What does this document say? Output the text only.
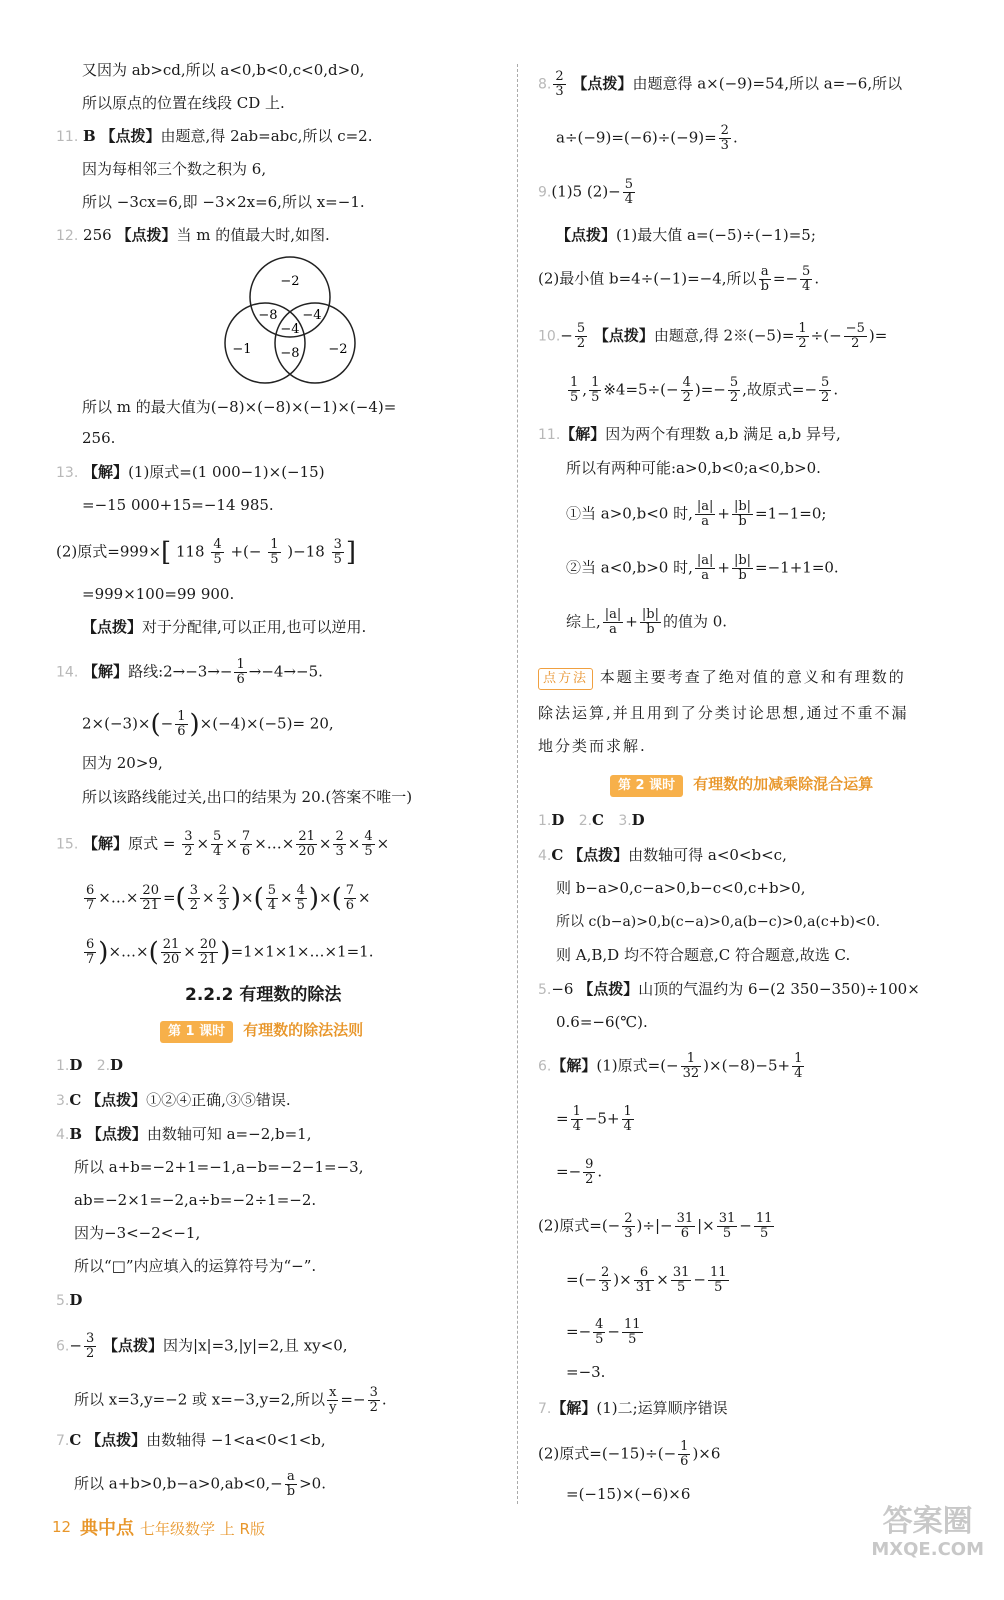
又因为 ab>cd,所以 a<0,b<0,c<0,d>0,
所以原点的位置在线段 CD 上.
11. B 【点拨】由题意,得 2ab=abc,所以 c=2.
因为每相邻三个数之积为 6,
所以 −3cx=6,即 −3×2x=6,所以 x=−1.
12. 256 【点拨】当 m 的值最大时,如图.
−2
−8 −4
−4
−1 −8 −2
所以 m 的最大值为(−8)×(−8)×(−1)×(−4)=
256.
13. 【解】(1)原式=(1 000−1)×(−15)
=−15 000+15=−14 985.
(2)原式=999×[ $118 \frac{4}{5}$ +(− $\frac{1}{5} )-18 \frac{3}{5}$ ]
=999×100=99 900.
【点拨】对于分配律,可以正用,也可以逆用.
14. 【解】路线:2→−3→− $\frac{1}{6} \to-4\to-5$.
$2\times(-3)\times(- \frac{1}{6} )\times(-4)\times(-5)= 20$,
因为 20>9,
所以该路线能过关,出口的结果为 20.(答案不唯一)
15. 【解】原式 = $\frac{3}{2} \times \frac{5}{4} \times \frac{7}{6}$ ×…× $\frac{21}{20} \times \frac{2}{3} \times \frac{4}{5}$ ×
$\frac{6}{7}$ ×…× $\frac{20}{21}$ =( $\frac{3}{2} \times \frac{2}{3}$ )×( $\frac{5}{4} \times \frac{4}{5}$ )×( $\frac{7}{6}$ ×
$\frac{6}{7}$ )×…×( $\frac{21}{20} \times \frac{20}{21}$ )=1×1×1×…×1=1.
2.2.2 有理数的除法
第 1 课时 有理数的除法法则
1.D 2.D
3.C 【点拨】①②④正确,③⑤错误.
4.B 【点拨】由数轴可知 a=−2,b=1,
所以 a+b=−2+1=−1,a−b=−2−1=−3,
ab=−2×1=−2,a÷b=−2÷1=−2.
因为−3<−2<−1,
所以“□”内应填入的运算符号为“−”.
5.D
$6.- \frac{3}{2}$ 【点拨】因为|x|=3,|y|=2,且 xy<0,
所以 x=3,y=−2 或 x=−3,y=2,所以 $\frac{x}{y} =- \frac{3}{2}$ .
7.C 【点拨】由数轴得 −1<a<0<1<b,
所以 $a+b>0,b-a>0,ab<0,- \frac{a}{b} >0$.
8. $\frac{2}{3}$ 【点拨】由题意得 a×(−9)=54,所以 a=−6,所以
$a\div(-9)=(-6)\div(-9)= \frac{2}{3}$ .
9.(1)5 $(2)- \frac{5}{4}$
【点拨】(1)最大值 a=(−5)÷(−1)=5;
(2)最小值 b=4÷(−1)=−4,所以 $\frac{a}{b} =- \frac{5}{4}$ .
$10.- \frac{5}{2}$ 【点拨】由题意,得 2※(−5)= $\frac{1}{2}$ ÷(− $\frac{-5}{2}$ )=
$\frac{1}{5}$ , $\frac{1}{5}$ ※4=5÷(− $\frac{4}{2}$ )=− $\frac{5}{2}$ ,故原式=− $\frac{5}{2}$ .
11.【解】因为两个有理数 a,b 满足 a,b 异号,
所以有两种可能:a>0,b<0;a<0,b>0.
①当 a>0,b<0 时, $\frac{|a|}{a} + \frac{|b|}{b} =1-1=0$;
②当 a<0,b>0 时, $\frac{|a|}{a} + \frac{|b|}{b} =-1+1=0$.
综上, $\frac{|a|}{a} + \frac{|b|}{b}$ 的值为 0.
点方法 本题主要考查了绝对值的意义和有理数的
除法运算,并且用到了分类讨论思想,通过不重不漏
地分类而求解.
第 2 课时 有理数的加减乘除混合运算
1.D 2.C 3.D
4.C 【点拨】由数轴可得 a<0<b<c,
则 b−a>0,c−a>0,b−c<0,c+b>0,
所以 c(b−a)>0,b(c−a)>0,a(b−c)>0,a(c+b)<0.
则 A,B,D 均不符合题意,C 符合题意,故选 C.
5.−6 【点拨】山顶的气温约为 6−(2 350−350)÷100×
0.6=−6(℃).
6.【解】(1)原式=(− $\frac{1}{32} )\times(-8)-5+ \frac{1}{4}$
= $\frac{1}{4} -5+ \frac{1}{4}$
=− $\frac{9}{2}$ .
(2)原式=(− $\frac{2}{3}$ )÷|− $\frac{31}{6}$ |× $\frac{31}{5} - \frac{11}{5}$
=(− $\frac{2}{3}$ )× $\frac{6}{31} \times \frac{31}{5} - \frac{11}{5}$
=− $\frac{4}{5} - \frac{11}{5}$
=−3.
7.【解】(1)二;运算顺序错误
(2)原式$=(-15)\div(- \frac{1}{6} )\times 6$
=(−15)×(−6)×6
12 典中点 七年级数学 上 R版	答案圈
MXQE.COM
